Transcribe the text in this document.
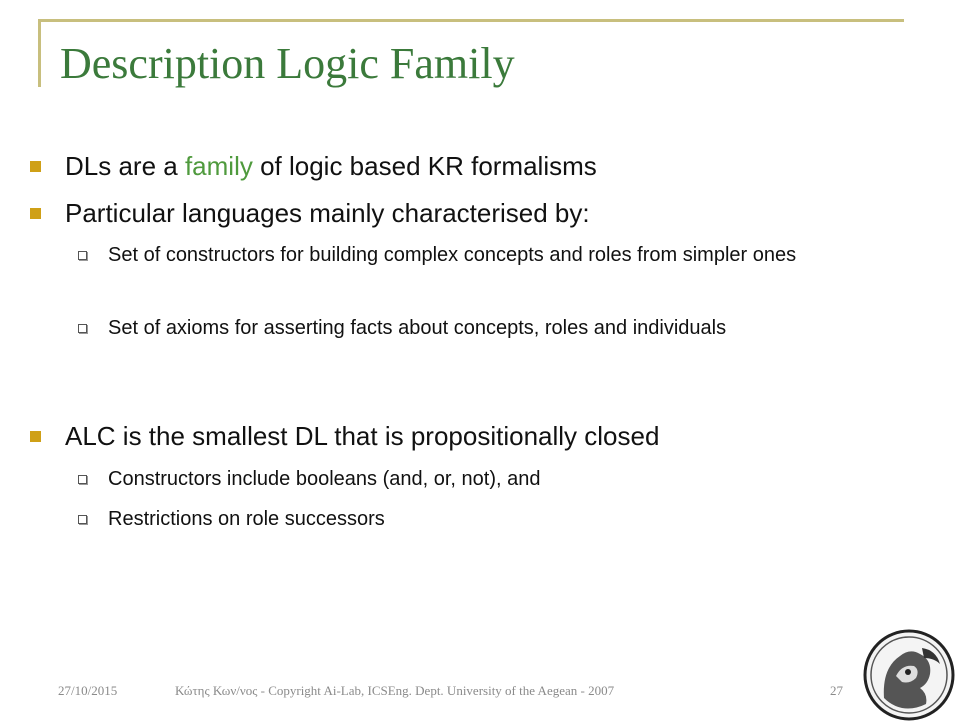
Description Logic Family
DLs are a family of logic based KR formalisms
Particular languages mainly characterised by:
Set of constructors for building complex concepts and roles from simpler ones
Set of axioms for asserting facts about concepts, roles and individuals
ALC is the smallest DL that is propositionally closed
Constructors include booleans (and, or, not), and
Restrictions on role successors
27/10/2015	Κώτης Κων/νος - Copyright Ai-Lab, ICSEng. Dept. University of the Aegean - 2007	27
